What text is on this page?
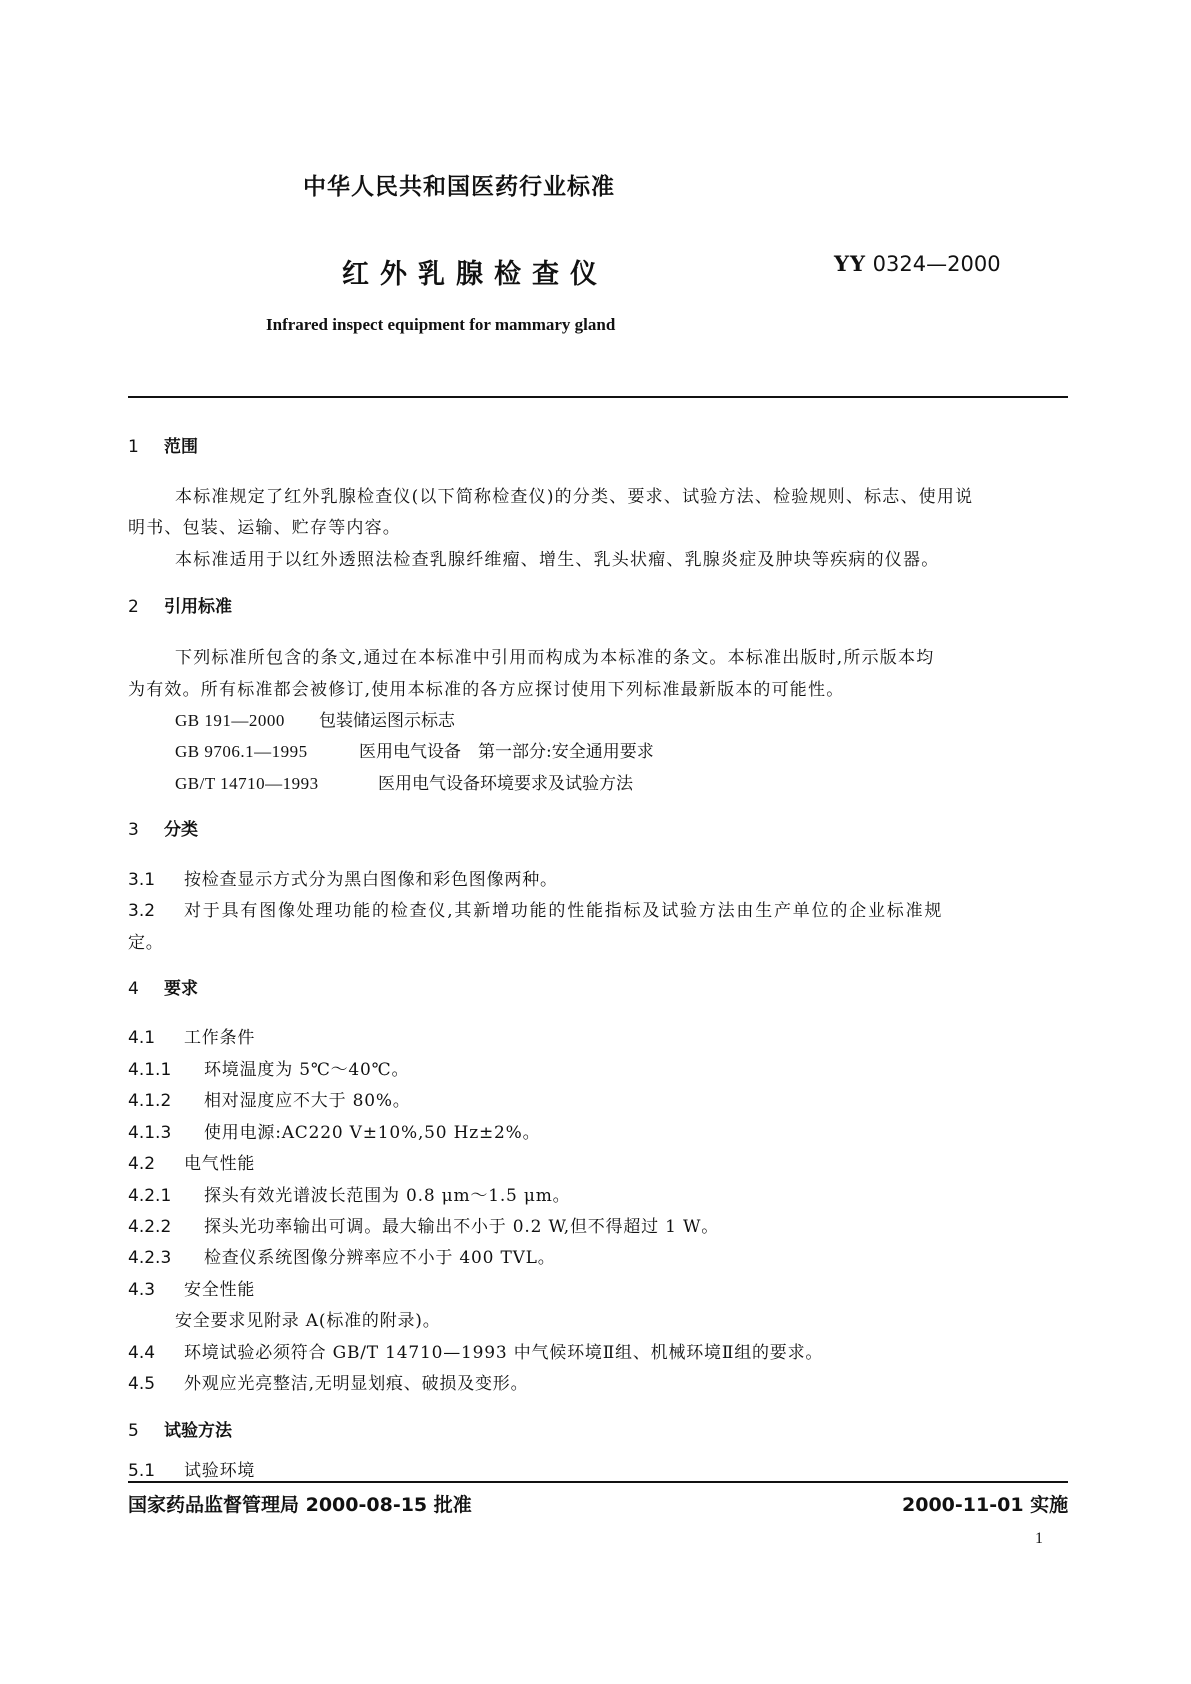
中华人民共和国医药行业标准
红外乳腺检查仪	YY 0324—2000
Infrared inspect equipment for mammary gland
1 范围
本标准规定了红外乳腺检查仪(以下简称检查仪)的分类、要求、试验方法、检验规则、标志、使用说
明书、包装、运输、贮存等内容。
本标准适用于以红外透照法检查乳腺纤维瘤、增生、乳头状瘤、乳腺炎症及肿块等疾病的仪器。
2 引用标准
下列标准所包含的条文,通过在本标准中引用而构成为本标准的条文。本标准出版时,所示版本均
为有效。所有标准都会被修订,使用本标准的各方应探讨使用下列标准最新版本的可能性。
GB 191—2000 包装储运图示标志
GB 9706.1—1995	医用电气设备　第一部分:安全通用要求
GB/T 14710—1993	医用电气设备环境要求及试验方法
3 分类
3.1 按检查显示方式分为黑白图像和彩色图像两种。
3.2 对于具有图像处理功能的检查仪,其新增功能的性能指标及试验方法由生产单位的企业标准规
定。
4 要求
4.1 工作条件
4.1.1 环境温度为 5℃～40℃。
4.1.2 相对湿度应不大于 80%。
4.1.3 使用电源:AC220 V±10%,50 Hz±2%。
4.2 电气性能
4.2.1 探头有效光谱波长范围为 0.8 μm～1.5 μm。
4.2.2 探头光功率输出可调。最大输出不小于 0.2 W,但不得超过 1 W。
4.2.3 检查仪系统图像分辨率应不小于 400 TVL。
4.3 安全性能
安全要求见附录 A(标准的附录)。
4.4 环境试验必须符合 GB/T 14710—1993 中气候环境Ⅱ组、机械环境Ⅱ组的要求。
4.5 外观应光亮整洁,无明显划痕、破损及变形。
5 试验方法
5.1 试验环境
国家药品监督管理局 2000-08-15 批准	2000-11-01 实施
1
